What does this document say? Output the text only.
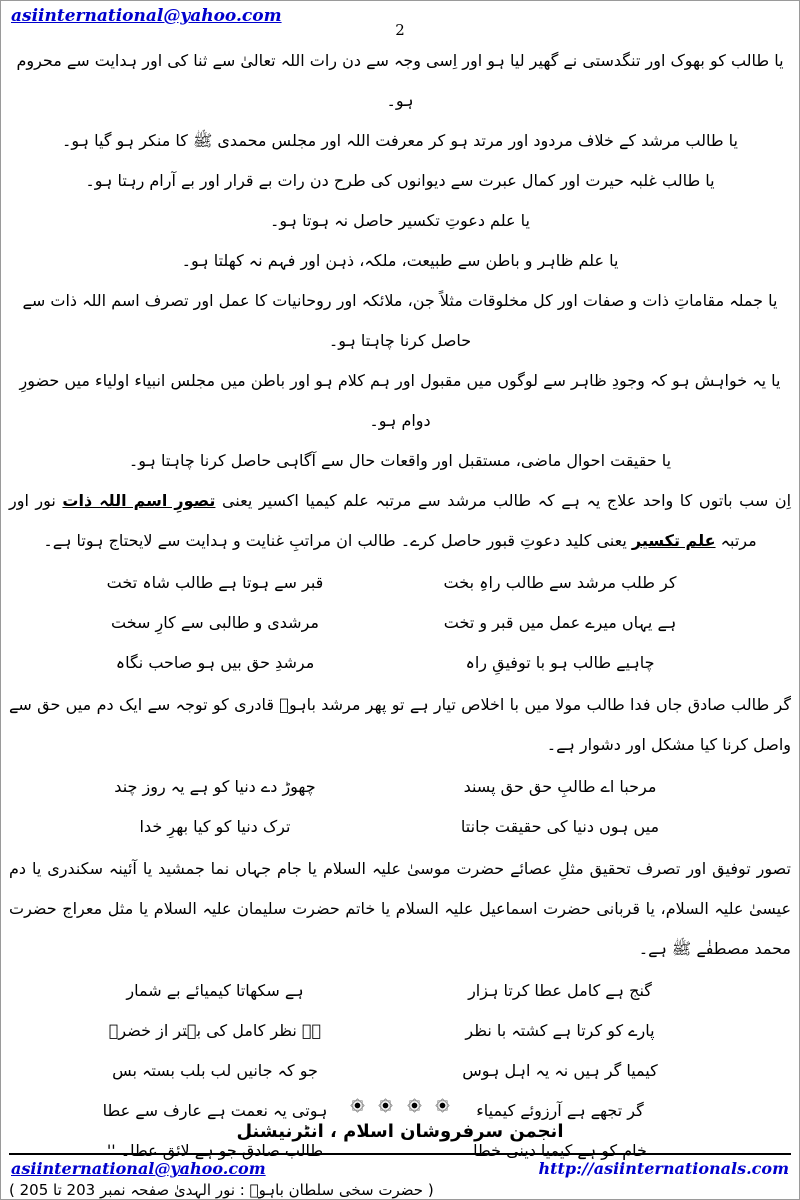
asiinternational@yahoo.com
2

یا طالب کو بھوک اور تنگدستی نے گھیر لیا ہو اور اِسی وجہ سے دن رات اللہ تعالیٰ سے ثنا کی اور ہدایت سے محروم ہو۔

یا طالب مرشد کے خلاف مردود اور مرتد ہو کر معرفت اللہ اور مجلس محمدی ﷺ کا منکر ہو گیا ہو۔

یا طالب غلبہ حیرت اور کمال عبرت سے دیوانوں کی طرح دن رات بے قرار اور بے آرام رہتا ہو۔

یا علم دعوتِ تکسیر حاصل نہ ہوتا ہو۔

یا علم ظاہر و باطن سے طبیعت، ملکہ، ذہن اور فہم نہ کھلتا ہو۔

یا جملہ مقاماتِ ذات و صفات اور کل مخلوقات مثلاً جن، ملائکہ اور روحانیات کا عمل اور تصرف اسم اللہ ذات سے حاصل کرنا چاہتا ہو۔

یا یہ خواہش ہو کہ وجودِ ظاہر سے لوگوں میں مقبول اور ہم کلام ہو اور باطن میں مجلس انبیاء اولیاء میں حضورِ دوام ہو۔

یا حقیقت احوال ماضی، مستقبل اور واقعات حال سے آگاہی حاصل کرنا چاہتا ہو۔

اِن سب باتوں کا واحد علاج یہ ہے کہ طالب مرشد سے مرتبہ علم کیمیا اکسیر یعنی تصورِ اسم اللہ ذات نور اور مرتبہ علم تکسیر یعنی کلید دعوتِ قبور حاصل کرے۔ طالب ان مراتبِ غنایت و ہدایت سے لایحتاج ہوتا ہے۔

کر طلب مرشد سے طالب راہِ بخت
قبر سے ہوتا ہے طالب شاہ تخت
ہے یہاں میرے عمل میں قبر و تخت
مرشدی و طالبی سے کارِ سخت
چاہیے طالب ہو با توفیقِ راہ
مرشدِ حق بیں ہو صاحب نگاہ

گر طالب صادق جاں فدا طالب مولا میں با اخلاص تیار ہے تو پھر مرشد باہوؒ قادری کو توجہ سے ایک دم میں حق سے واصل کرنا کیا مشکل اور دشوار ہے۔

مرحبا اے طالبِ حق حق پسند
چھوڑ دے دنیا کو ہے یہ روز چند
میں ہوں دنیا کی حقیقت جانتا
ترک دنیا کو کیا بھرِ خدا

تصور توفیق اور تصرف تحقیق مثلِ عصائے حضرت موسیٰ علیہ السلام یا جام جہاں نما جمشید یا آئینہ سکندری یا دم عیسیٰ علیہ السلام، یا قربانی حضرت اسماعیل علیہ السلام یا خاتم حضرت سلیمان علیہ السلام یا مثل معراج حضرت محمد مصطفٰے ﷺ ہے۔

گنج ہے کامل عطا کرتا ہزار
ہے سکھاتا کیمیائے بے شمار
پارے کو کرتا ہے کشتہ با نظر
ہے نظر کامل کی بہتر از خضرؑ
کیمیا گر ہیں نہ یہ اہل ہوس
جو کہ جانیں لب بلب بستہ بس
گر تجھے ہے آرزوئے کیمیاء
ہوتی یہ نعمت ہے عارف سے عطا
خام کو ہے کیمیا دینی خطا
طالب صادق جو ہے لائق عطا۔ ''

( حضرت سخی سلطان باہوؒ : نور الہدیٰ صفحہ نمبر 203 تا 205 )

انجمن سرفروشان اسلام ، انٹرنیشنل
asiinternational@yahoo.com	http://asiinternationals.com
